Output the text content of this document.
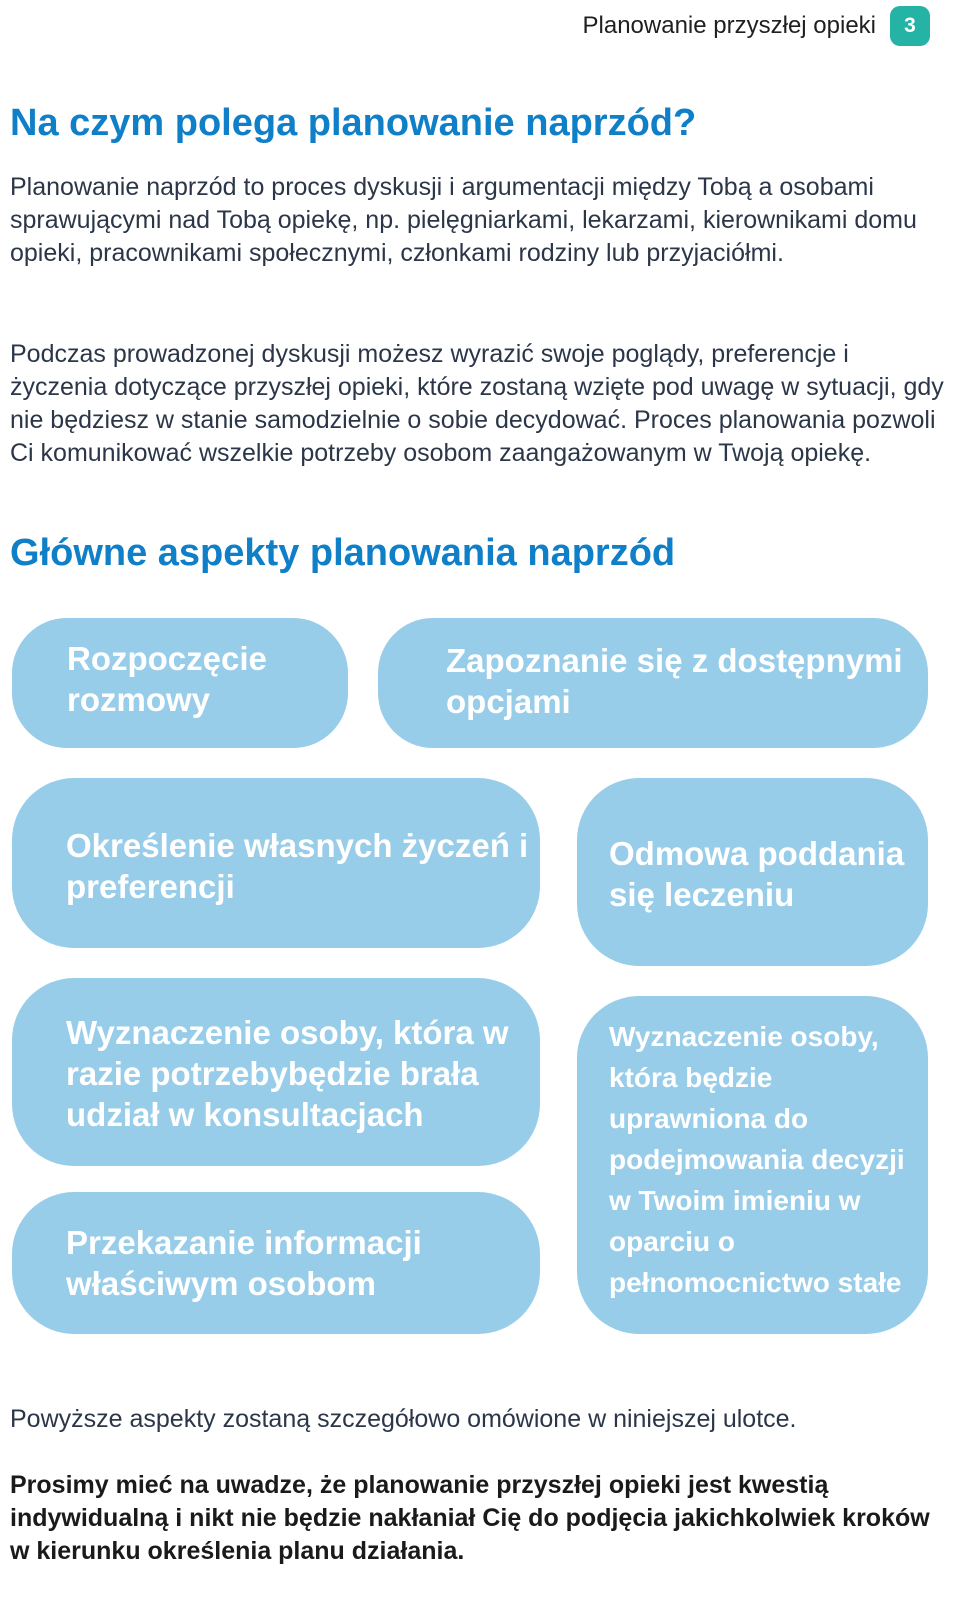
Planowanie przyszłej opieki	3
Na czym polega planowanie naprzód?

Planowanie naprzód to proces dyskusji i argumentacji między Tobą a osobami sprawującymi nad Tobą opiekę, np. pielęgniarkami, lekarzami, kierownikami domu opieki, pracownikami społecznymi, członkami rodziny lub przyjaciółmi.

Podczas prowadzonej dyskusji możesz wyrazić swoje poglądy, preferencje i życzenia dotyczące przyszłej opieki, które zostaną wzięte pod uwagę w sytuacji, gdy nie będziesz w stanie samodzielnie o sobie decydować. Proces planowania pozwoli Ci komunikować wszelkie potrzeby osobom zaangażowanym w Twoją opiekę.

Główne aspekty planowania naprzód
Rozpoczęcie rozmowy
Zapoznanie się z dostępnymi opcjami
Określenie własnych życzeń i preferencji
Odmowa poddania się leczeniu
Wyznaczenie osoby, która w razie potrzebybędzie brała udział w konsultacjach
Przekazanie informacji właściwym osobom
Wyznaczenie osoby, która będzie uprawniona do podejmowania decyzji w Twoim imieniu w oparciu o pełnomocnictwo stałe

Powyższe aspekty zostaną szczegółowo omówione w niniejszej ulotce.

Prosimy mieć na uwadze, że planowanie przyszłej opieki jest kwestią indywidualną i nikt nie będzie nakłaniał Cię do podjęcia jakichkolwiek kroków w kierunku określenia planu działania.
